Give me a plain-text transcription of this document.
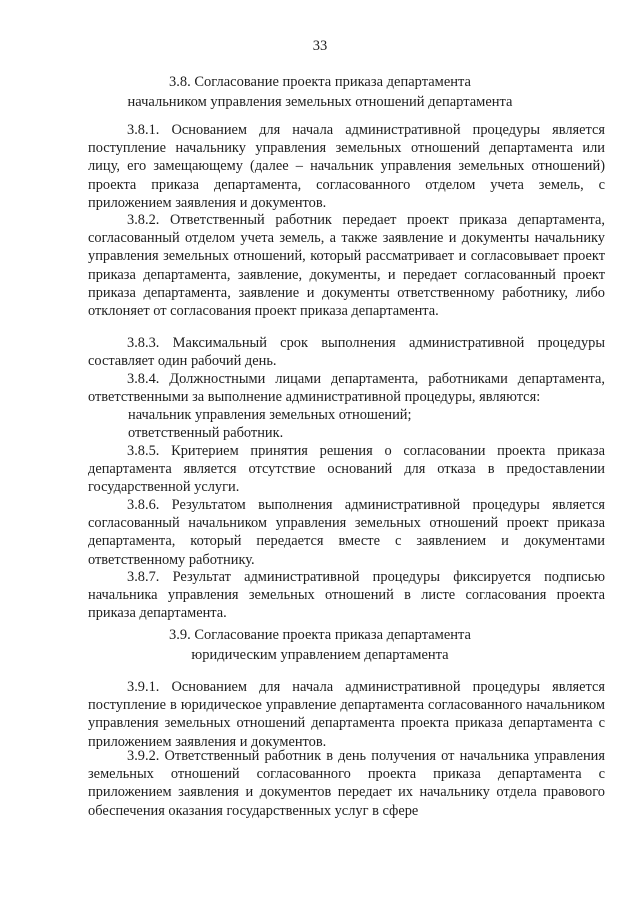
33
3.8. Согласование проекта приказа департамента
начальником управления земельных отношений департамента

3.8.1. Основанием для начала административной процедуры является поступление начальнику управления земельных отношений департамента или лицу, его замещающему (далее – начальник управления земельных отношений) проекта приказа департамента, согласованного отделом учета земель, с приложением заявления и документов.

3.8.2. Ответственный работник передает проект приказа департамента, согласованный отделом учета земель, а также заявление и документы начальнику управления земельных отношений, который рассматривает и согласовывает проект приказа департамента, заявление, документы, и передает согласованный проект приказа департамента, заявление и документы ответственному работнику, либо отклоняет от согласования проект приказа департамента.

3.8.3. Максимальный срок выполнения административной процедуры составляет один рабочий день.

3.8.4. Должностными лицами департамента, работниками департамента, ответственными за выполнение административной процедуры, являются:

начальник управления земельных отношений;

ответственный работник.

3.8.5. Критерием принятия решения о согласовании проекта приказа департамента является отсутствие оснований для отказа в предоставлении государственной услуги.

3.8.6. Результатом выполнения административной процедуры является согласованный начальником управления земельных отношений проект приказа департамента, который передается вместе с заявлением и документами ответственному работнику.

3.8.7. Результат административной процедуры фиксируется подписью начальника управления земельных отношений в листе согласования проекта приказа департамента.

3.9. Согласование проекта приказа департамента
юридическим управлением департамента

3.9.1. Основанием для начала административной процедуры является поступление в юридическое управление департамента согласованного начальником управления земельных отношений департамента проекта приказа департамента с приложением заявления и документов.

3.9.2. Ответственный работник в день получения от начальника управления земельных отношений согласованного проекта приказа департамента с приложением заявления и документов передает их начальнику отдела правового обеспечения оказания государственных услуг в сфере
